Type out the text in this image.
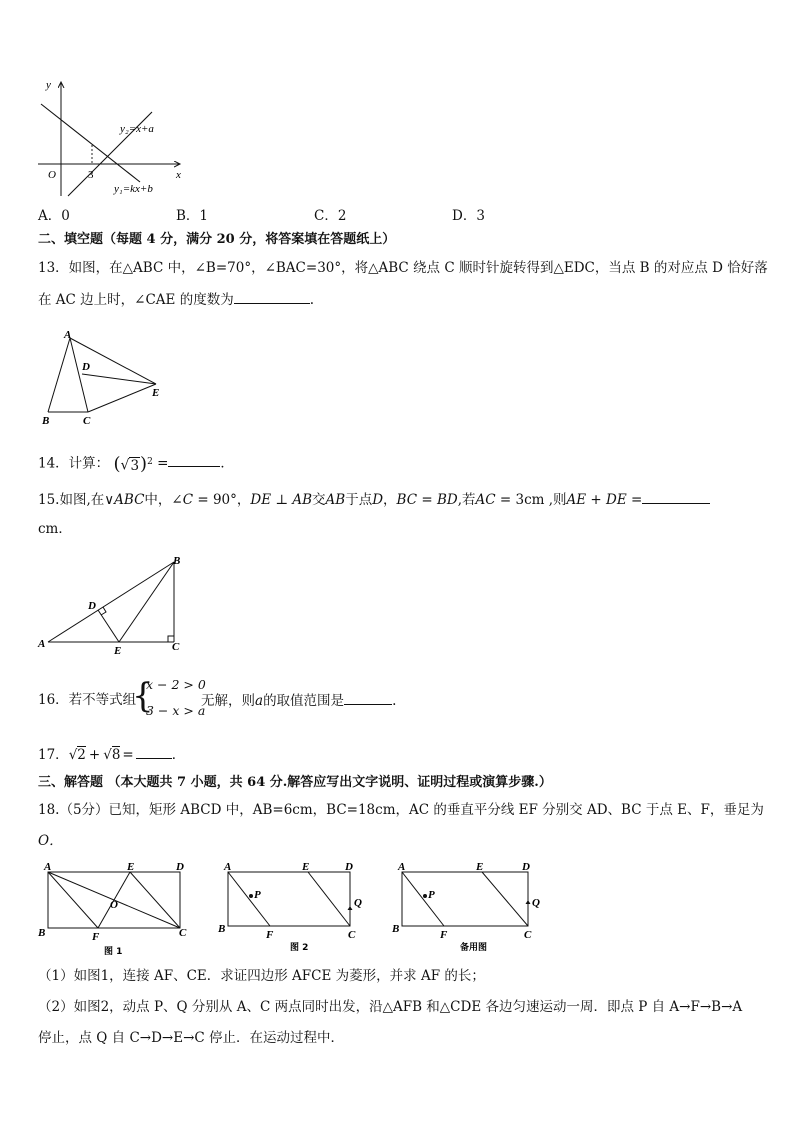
y
x
O	3
y₂=x+a
y₁=kx+b
A．0	B．1	C．2	D．3
二、填空题（每题 4 分，满分 20 分，将答案填在答题纸上）
13．如图，在△ABC 中，∠B=70°，∠BAC=30°，将△ABC 绕点 C 顺时针旋转得到△EDC，当点 B 的对应点 D 恰好落
在 AC 边上时，∠CAE 的度数为	.
A
D
E
B	C
14．计算： $(√3)^2$ =	．
15.如图,在∨ABC中，∠C = 90°，DE ⊥ AB交AB于点D，BC = BD,若AC = 3cm ,则AE + DE =
cm．
B
D
A
E	C
16．若不等式组
{
x − 2 > 0
3 − x > a
无解，则a的取值范围是	.
17．√2 + √8 =	．
三、解答题 （本大题共 7 小题，共 64 分.解答应写出文字说明、证明过程或演算步骤.）
18.（5分）已知，矩形 ABCD 中，AB=6cm，BC=18cm，AC 的垂直平分线 EF 分别交 AD、BC 于点 E、F，垂足为
O．
A	E	D
O
B	F	C
图 1
A	E	D
P
Q
B	F	C
图 2
A	E	D
P
Q
B	F	C
备用图
（1）如图1，连接 AF、CE．求证四边形 AFCE 为菱形，并求 AF 的长；
（2）如图2，动点 P、Q 分别从 A、C 两点同时出发，沿△AFB 和△CDE 各边匀速运动一周．即点 P 自 A→F→B→A
停止，点 Q 自 C→D→E→C 停止．在运动过程中．
